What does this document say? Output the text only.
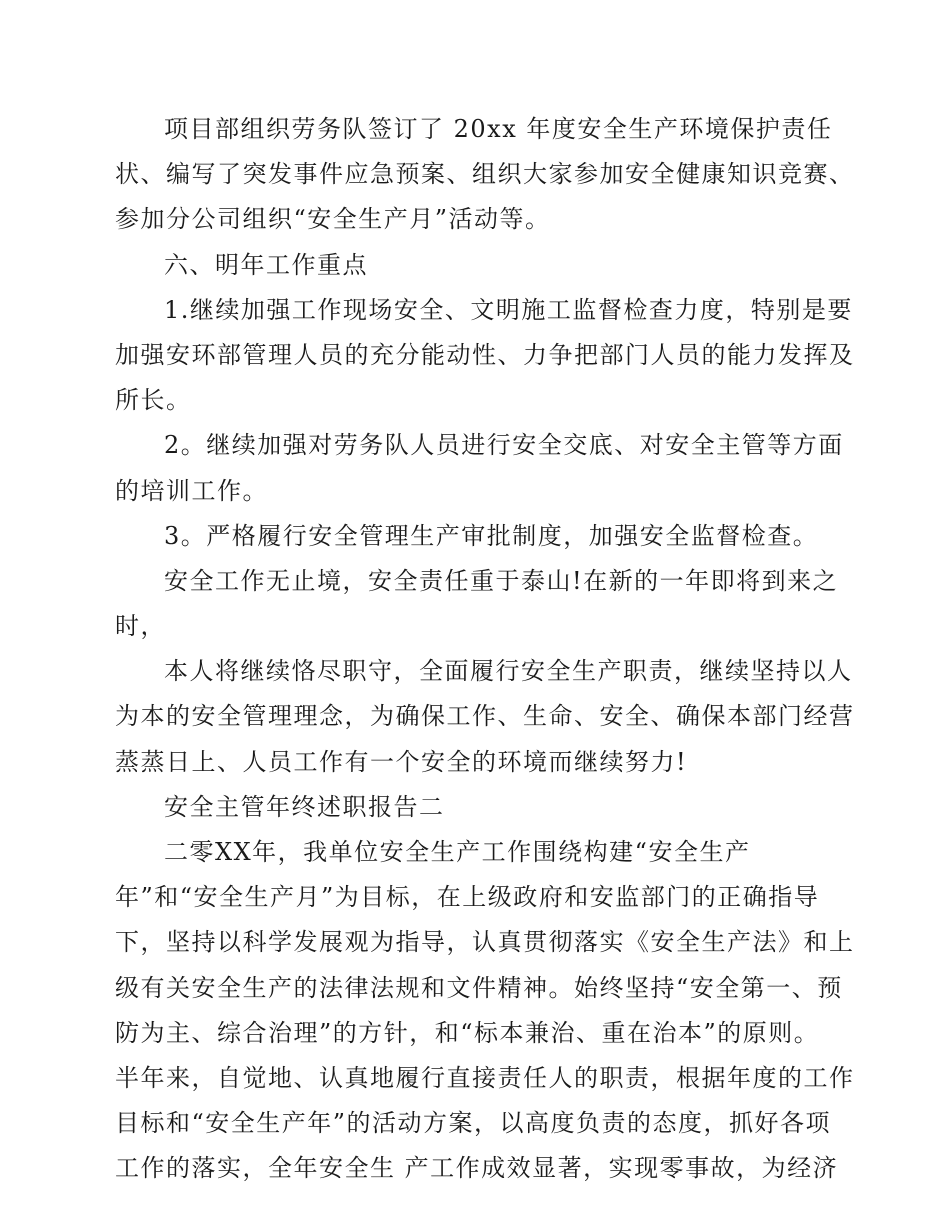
项目部组织劳务队签订了 20xx 年度安全生产环境保护责任
状、编写了突发事件应急预案、组织大家参加安全健康知识竞赛、
参加分公司组织“安全生产月”活动等。
六、明年工作重点
1.继续加强工作现场安全、文明施工监督检查力度，特别是要
加强安环部管理人员的充分能动性、力争把部门人员的能力发挥及
所长。
2。继续加强对劳务队人员进行安全交底、对安全主管等方面
的培训工作。
3。严格履行安全管理生产审批制度，加强安全监督检查。
安全工作无止境，安全责任重于泰山!在新的一年即将到来之
时，
本人将继续恪尽职守，全面履行安全生产职责，继续坚持以人
为本的安全管理理念，为确保工作、生命、安全、确保本部门经营
蒸蒸日上、人员工作有一个安全的环境而继续努力!
安全主管年终述职报告二
二零XX年，我单位安全生产工作围绕构建“安全生产
年”和“安全生产月”为目标，在上级政府和安监部门的正确指导
下，坚持以科学发展观为指导，认真贯彻落实《安全生产法》和上
级有关安全生产的法律法规和文件精神。始终坚持“安全第一、预
防为主、综合治理”的方针，和“标本兼治、重在治本”的原则。
半年来，自觉地、认真地履行直接责任人的职责，根据年度的工作
目标和“安全生产年”的活动方案，以高度负责的态度，抓好各项
工作的落实，全年安全生 产工作成效显著，实现零事故，为经济
